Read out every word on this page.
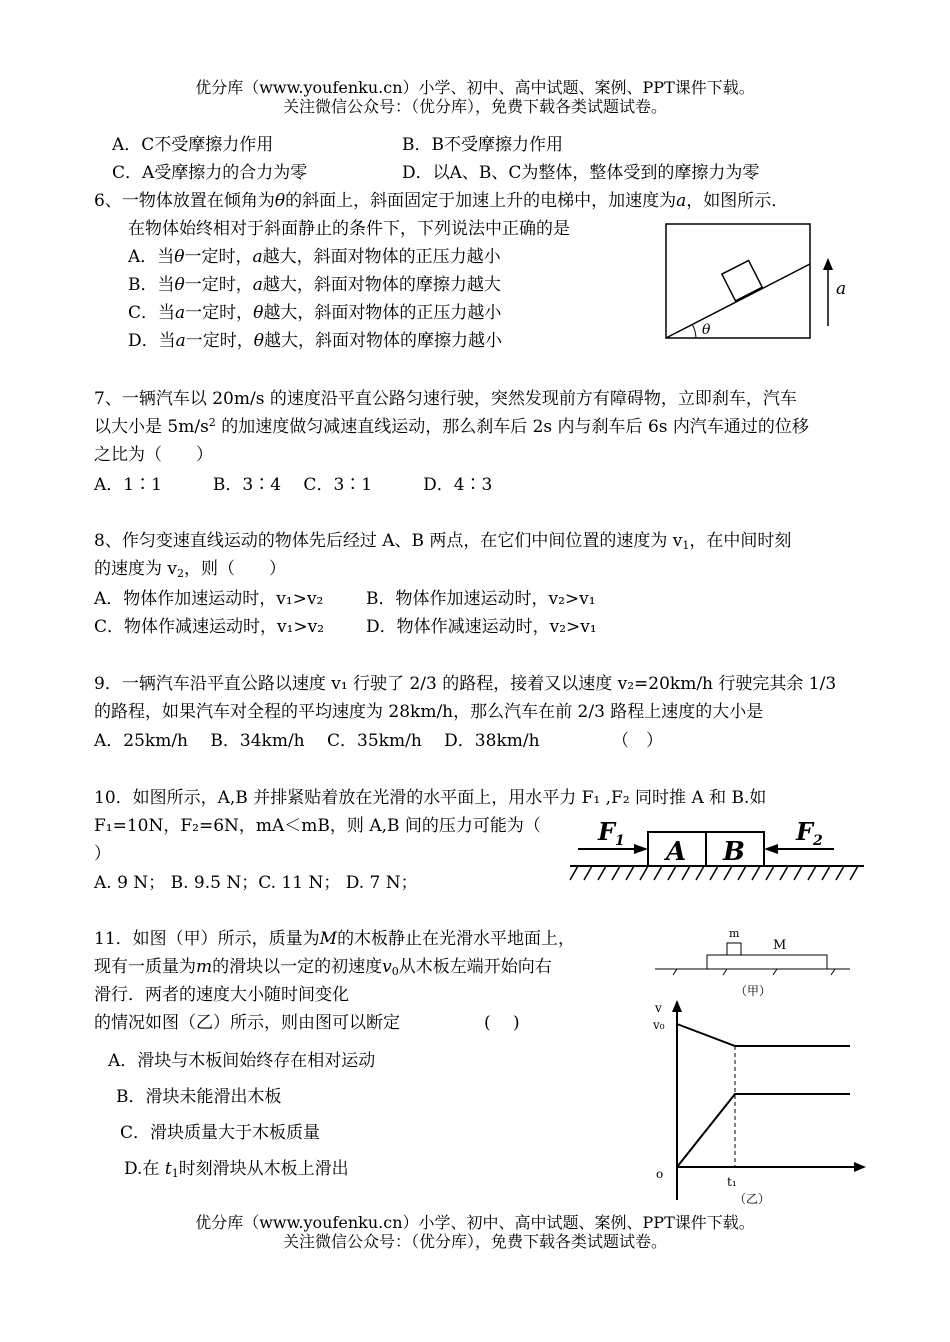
优分库（www.youfenku.cn）小学、初中、高中试题、案例、PPT课件下载。
关注微信公众号：（优分库），免费下载各类试题试卷。
A．C不受摩擦力作用	B．B不受摩擦力作用
C．A受摩擦力的合力为零	D．以A、B、C为整体，整体受到的摩擦力为零
6、一物体放置在倾角为θ的斜面上，斜面固定于加速上升的电梯中，加速度为a，如图所示．
在物体始终相对于斜面静止的条件下，下列说法中正确的是
A．当θ一定时，a越大，斜面对物体的正压力越小
B．当θ一定时，a越大，斜面对物体的摩擦力越大
C．当a一定时，θ越大，斜面对物体的正压力越小
D．当a一定时，θ越大，斜面对物体的摩擦力越小
θ
a
7、一辆汽车以 20m/s 的速度沿平直公路匀速行驶，突然发现前方有障碍物，立即刹车，汽车
以大小是 $5m/s^2$ 的加速度做匀减速直线运动，那么刹车后 2s 内与刹车后 6s 内汽车通过的位移
之比为（　　）
A．1∶1　　　B．3∶4　 C．3∶1　　　D．4∶3
8、作匀变速直线运动的物体先后经过 A、B 两点，在它们中间位置的速度为 $v_1$，在中间时刻
的速度为 $v_2$，则（　　）
A．物体作加速运动时，v₁>v₂	B．物体作加速运动时，v₂>v₁
C．物体作减速运动时，v₁>v₂ D．物体作减速运动时，v₂>v₁
9．一辆汽车沿平直公路以速度 v₁ 行驶了 2/3 的路程，接着又以速度 v₂=20km/h 行驶完其余 1/3
的路程，如果汽车对全程的平均速度为 28km/h，那么汽车在前 2/3 路程上速度的大小是
A．25km/h　 B．34km/h　 C．35km/h　 D．38km/h	（　）
10．如图所示，A,B 并排紧贴着放在光滑的水平面上，用水平力 F₁ ,F₂ 同时推 A 和 B.如
F₁=10N，F₂=6N，mA＜mB，则 A,B 间的压力可能为（
）
A. 9 N； B. 9.5 N；C. 11 N； D. 7 N；
A B
$F_1$	$F_2$
11．如图（甲）所示，质量为M的木板静止在光滑水平地面上，
现有一质量为m的滑块以一定的初速度$v_0$从木板左端开始向右
滑行．两者的速度大小随时间变化
的情况如图（乙）所示，则由图可以断定	(　 )
A．滑块与木板间始终存在相对运动
B．滑块未能滑出木板
C．滑块质量大于木板质量
D.在 $t_1$时刻滑块从木板上滑出
m
M
（甲）
v
v₀
o
t₁
（乙）
优分库（www.youfenku.cn）小学、初中、高中试题、案例、PPT课件下载。
关注微信公众号：（优分库），免费下载各类试题试卷。
